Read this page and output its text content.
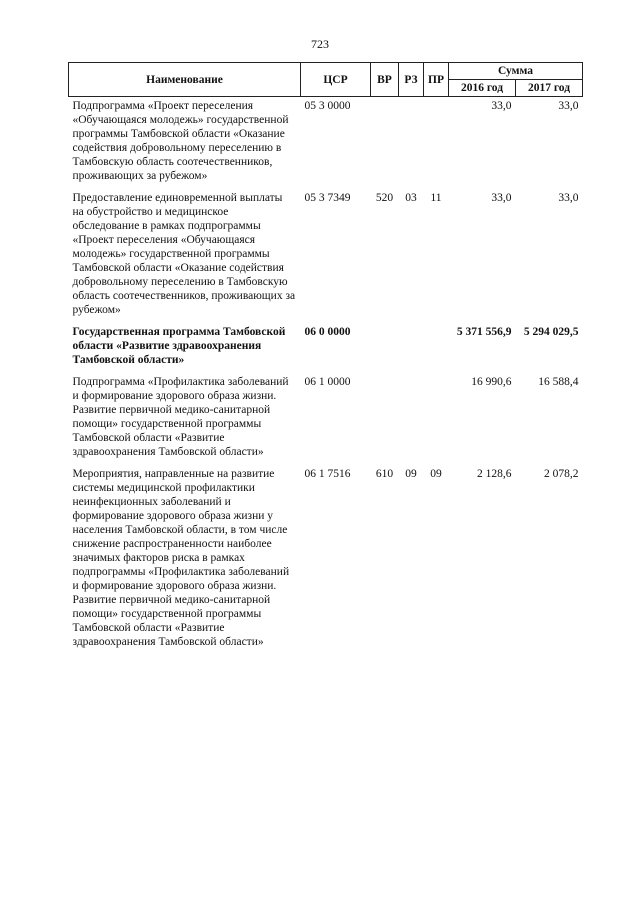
723
Наименование	ЦСР	ВР	РЗ	ПР	Сумма	
					2016 год	2017 год
Подпрограмма «Проект переселения «Обучающаяся молодежь» государственной программы Тамбовской области «Оказание содействия добровольному переселению в Тамбовскую область соотечественников, проживающих за рубежом»	05 3 0000				33,0	33,0
Предоставление единовременной выплаты на обустройство и медицинское обследование в рамках подпрограммы «Проект переселения «Обучающаяся молодежь» государственной программы Тамбовской области «Оказание содействия добровольному переселению в Тамбовскую область соотечественников, проживающих за рубежом»	05 3 7349	520	03	11	33,0	33,0
Государственная программа Тамбовской области «Развитие здравоохранения Тамбовской области»	06 0 0000				5 371 556,9	5 294 029,5
Подпрограмма «Профилактика заболеваний и формирование здорового образа жизни. Развитие первичной медико-санитарной помощи» государственной программы Тамбовской области «Развитие здравоохранения Тамбовской области»	06 1 0000				16 990,6	16 588,4
Мероприятия, направленные на развитие системы медицинской профилактики неинфекционных заболеваний и формирование здорового образа жизни у населения Тамбовской области, в том числе снижение распространенности наиболее значимых факторов риска в рамках подпрограммы «Профилактика заболеваний и формирование здорового образа жизни. Развитие первичной медико-санитарной помощи» государственной программы Тамбовской области «Развитие здравоохранения Тамбовской области»	06 1 7516	610	09	09	2 128,6	2 078,2
